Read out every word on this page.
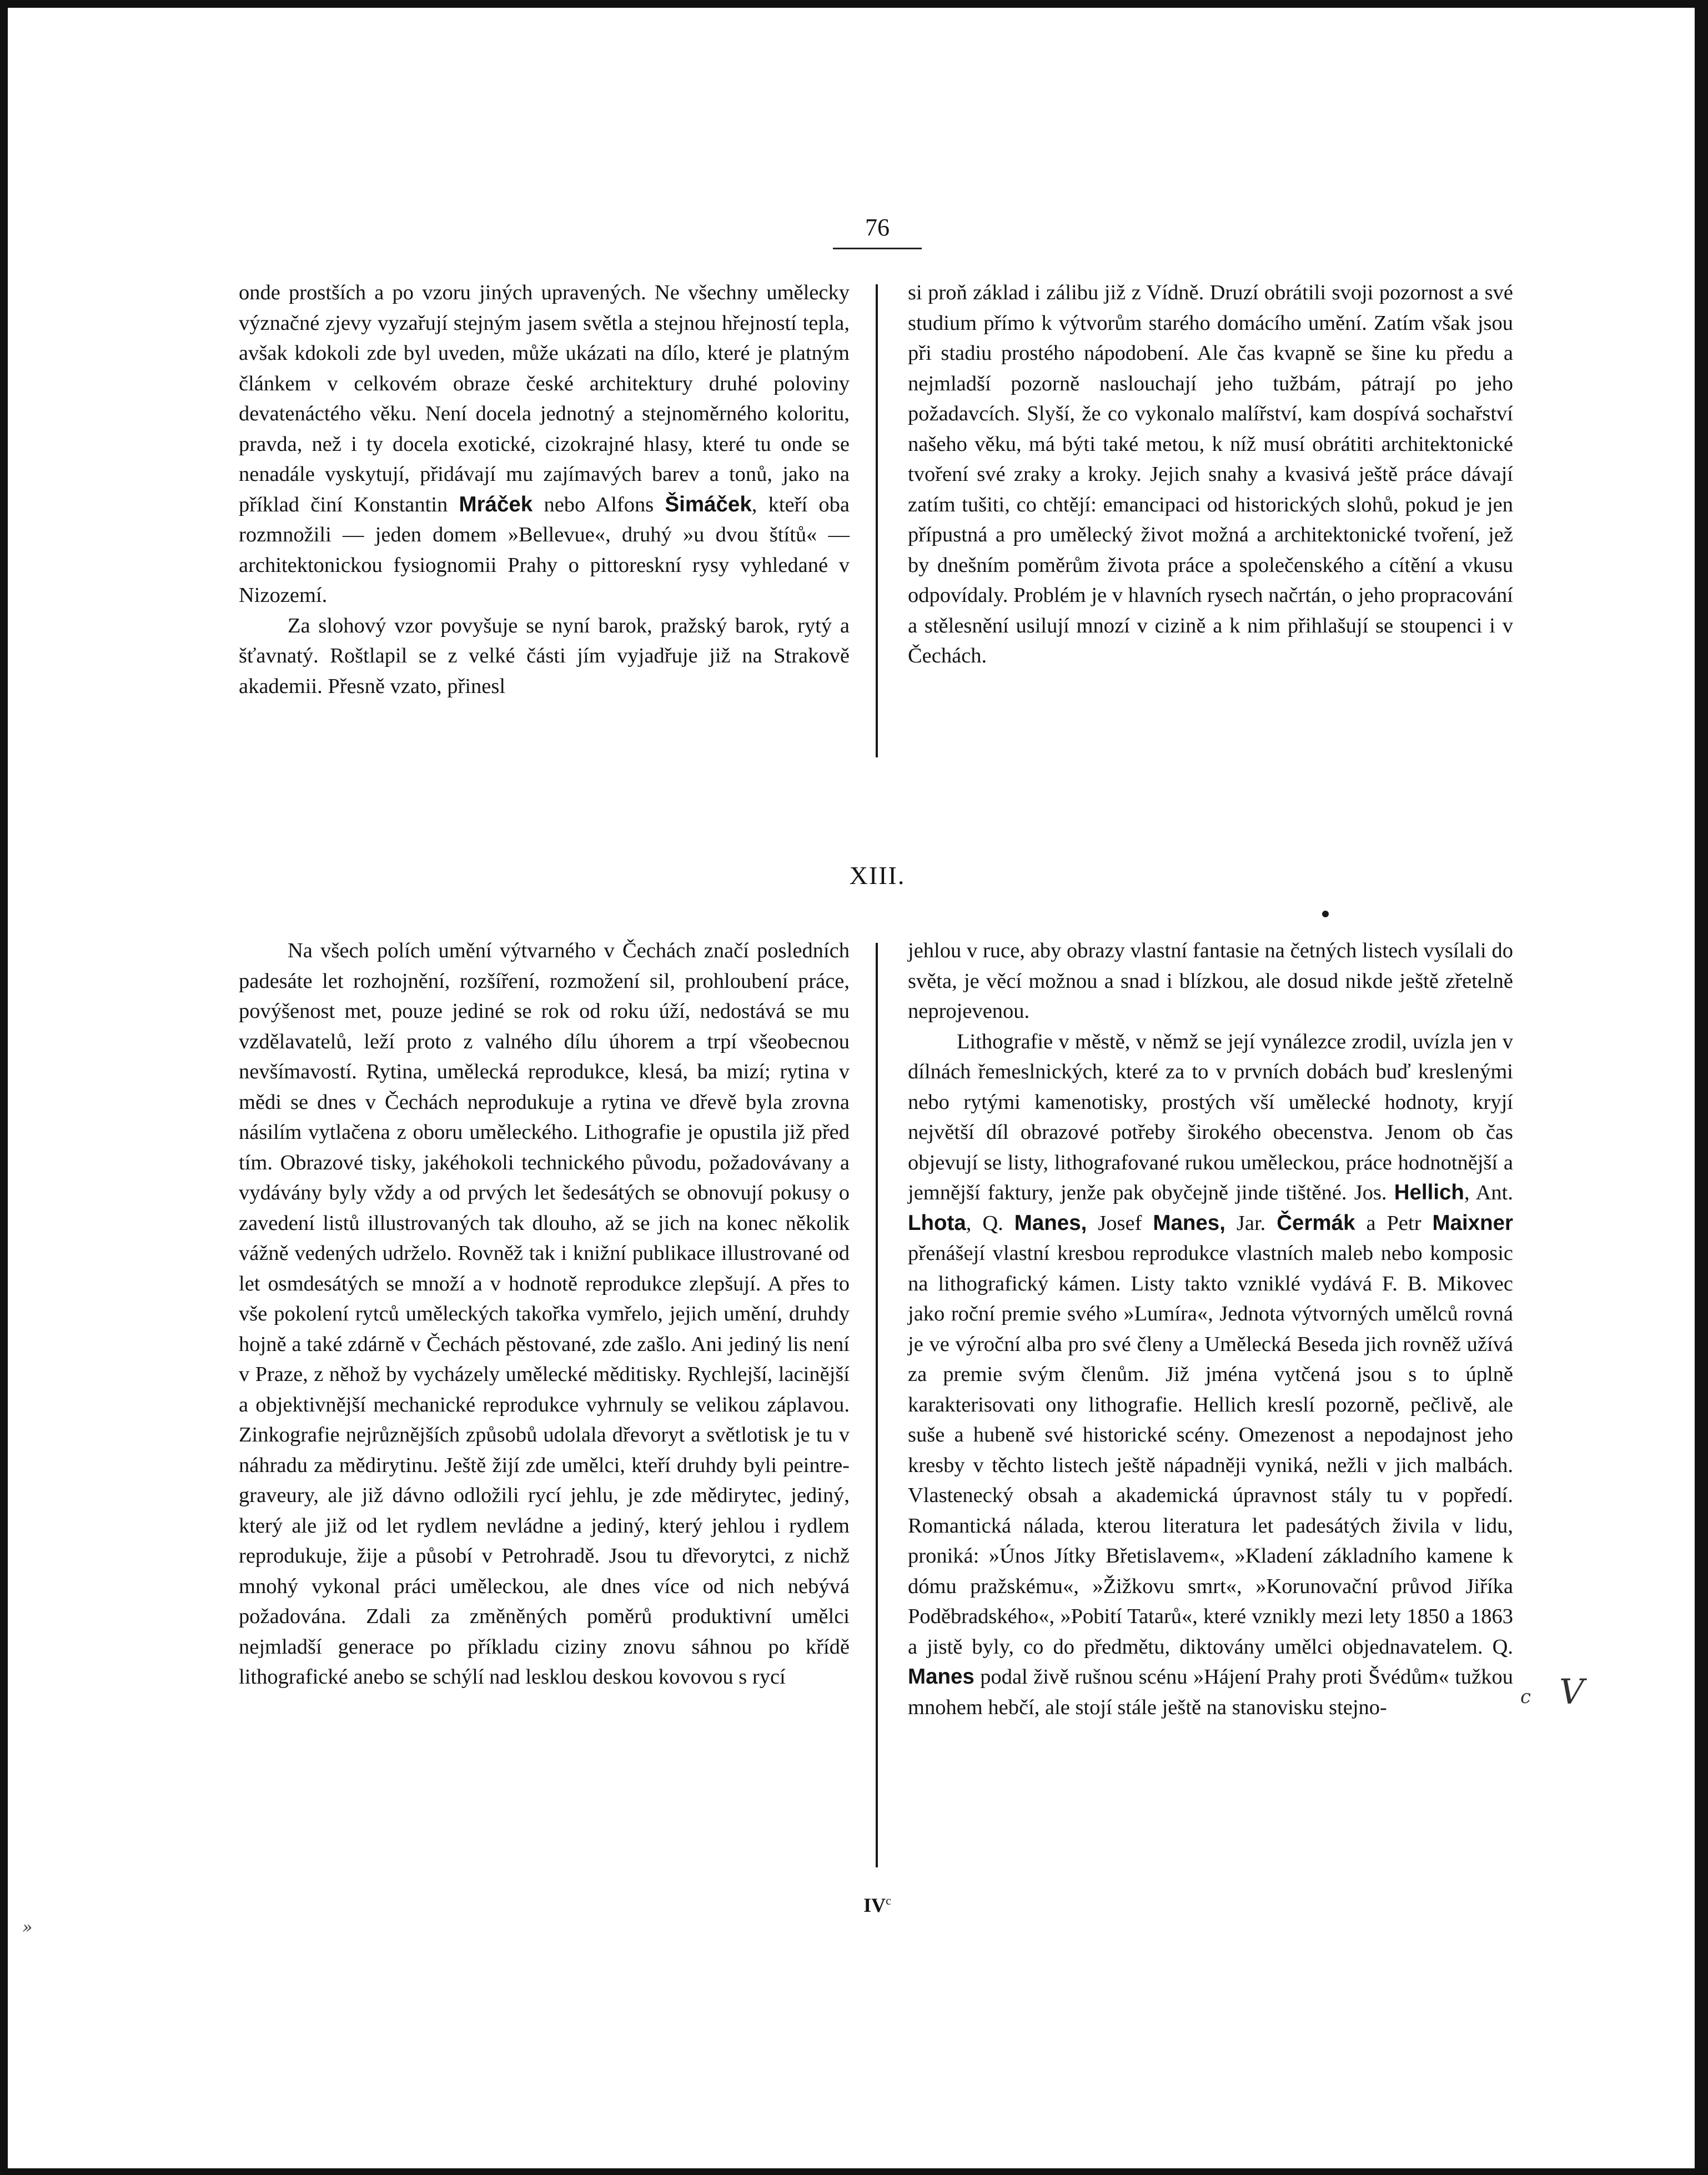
76

onde prostších a po vzoru jiných upravených. Ne všechny umělecky význačné zjevy vyzařují stejným jasem světla a stejnou hřejností tepla, avšak kdokoli zde byl uveden, může ukázati na dílo, které je platným článkem v celkovém obraze české architektury druhé poloviny devatenáctého věku. Není docela jednotný a stejnoměrného koloritu, pravda, než i ty docela exotické, cizokrajné hlasy, které tu onde se nenadále vyskytují, přidávají mu zajímavých barev a tonů, jako na příklad činí Konstantin Mráček nebo Alfons Šimáček, kteří oba rozmnožili — jeden domem »Bellevue«, druhý »u dvou štítů« — architektonickou fysiognomii Prahy o pittoreskní rysy vyhledané v Nizozemí.

Za slohový vzor povyšuje se nyní barok, pražský barok, rytý a šťavnatý. Roštlapil se z velké části jím vyjadřuje již na Strakově akademii. Přesně vzato, přinesl

si proň základ i zálibu již z Vídně. Druzí obrátili svoji pozornost a své studium přímo k výtvorům starého domácího umění. Zatím však jsou při stadiu prostého nápodobení. Ale čas kvapně se šine ku předu a nejmladší pozorně naslouchají jeho tužbám, pátrají po jeho požadavcích. Slyší, že co vykonalo malířství, kam dospívá sochařství našeho věku, má býti také metou, k níž musí obrátiti architektonické tvoření své zraky a kroky. Jejich snahy a kvasivá ještě práce dávají zatím tušiti, co chtějí: emancipaci od historických slohů, pokud je jen přípustná a pro umělecký život možná a architektonické tvoření, jež by dnešním poměrům života práce a společenského a cítění a vkusu odpovídaly. Problém je v hlavních rysech načrtán, o jeho propracování a stělesnění usilují mnozí v cizině a k nim přihlašují se stoupenci i v Čechách.

XIII.

Na všech polích umění výtvarného v Čechách značí posledních padesáte let rozhojnění, rozšíření, rozmožení sil, prohloubení práce, povýšenost met, pouze jediné se rok od roku úží, nedostává se mu vzdělavatelů, leží proto z valného dílu úhorem a trpí všeobecnou nevšímavostí. Rytina, umělecká reprodukce, klesá, ba mizí; rytina v mědi se dnes v Čechách neprodukuje a rytina ve dřevě byla zrovna násilím vytlačena z oboru uměleckého. Lithografie je opustila již před tím. Obrazové tisky, jakéhokoli technického původu, požadovávany a vydávány byly vždy a od prvých let šedesátých se obnovují pokusy o zavedení listů illustrovaných tak dlouho, až se jich na konec několik vážně vedených udrželo. Rovněž tak i knižní publikace illustrované od let osmdesátých se množí a v hodnotě reprodukce zlepšují. A přes to vše pokolení rytců uměleckých takořka vymřelo, jejich umění, druhdy hojně a také zdárně v Čechách pěstované, zde zašlo. Ani jediný lis není v Praze, z něhož by vycházely umělecké měditisky. Rychlejší, lacinější a objektivnější mechanické reprodukce vyhrnuly se velikou záplavou. Zinkografie nejrůznějších způsobů udolala dřevoryt a světlotisk je tu v náhradu za mědirytinu. Ještě žijí zde umělci, kteří druhdy byli peintre-graveury, ale již dávno odložili rycí jehlu, je zde mědirytec, jediný, který ale již od let rydlem nevládne a jediný, který jehlou i rydlem reprodukuje, žije a působí v Petrohradě. Jsou tu dřevorytci, z nichž mnohý vykonal práci uměleckou, ale dnes více od nich nebývá požadována. Zdali za změněných poměrů produktivní umělci nejmladší generace po příkladu ciziny znovu sáhnou po křídě lithografické anebo se schýlí nad lesklou deskou kovovou s rycí

jehlou v ruce, aby obrazy vlastní fantasie na četných listech vysílali do světa, je věcí možnou a snad i blízkou, ale dosud nikde ještě zřetelně neprojevenou.

Lithografie v městě, v němž se její vynálezce zrodil, uvízla jen v dílnách řemeslnických, které za to v prvních dobách buď kreslenými nebo rytými kamenotisky, prostých vší umělecké hodnoty, kryjí největší díl obrazové potřeby širokého obecenstva. Jenom ob čas objevují se listy, lithografované rukou uměleckou, práce hodnotnější a jemnější faktury, jenže pak obyčejně jinde tištěné. Jos. Hellich, Ant. Lhota, Q. Manes, Josef Manes, Jar. Čermák a Petr Maixner přenášejí vlastní kresbou reprodukce vlastních maleb nebo komposic na lithografický kámen. Listy takto vzniklé vydává F. B. Mikovec jako roční premie svého »Lumíra«, Jednota výtvorných umělců rovná je ve výroční alba pro své členy a Umělecká Beseda jich rovněž užívá za premie svým členům. Již jména vytčená jsou s to úplně karakterisovati ony lithografie. Hellich kreslí pozorně, pečlivě, ale suše a hubeně své historické scény. Omezenost a nepodajnost jeho kresby v těchto listech ještě nápadněji vyniká, nežli v jich malbách. Vlastenecký obsah a akademická úpravnost stály tu v popředí. Romantická nálada, kterou literatura let padesátých živila v lidu, proniká: »Únos Jítky Břetislavem«, »Kladení základního kamene k dómu pražskému«, »Žižkovu smrt«, »Korunovační průvod Jiříka Poděbradského«, »Pobití Tatarů«, které vznikly mezi lety 1850 a 1863 a jistě byly, co do předmětu, diktovány umělci objednavatelem. Q. Manes podal živě rušnou scénu »Hájení Prahy proti Švédům« tužkou mnohem hebčí, ale stojí stále ještě na stanovisku stejno-	c V
»
$IV^c$
